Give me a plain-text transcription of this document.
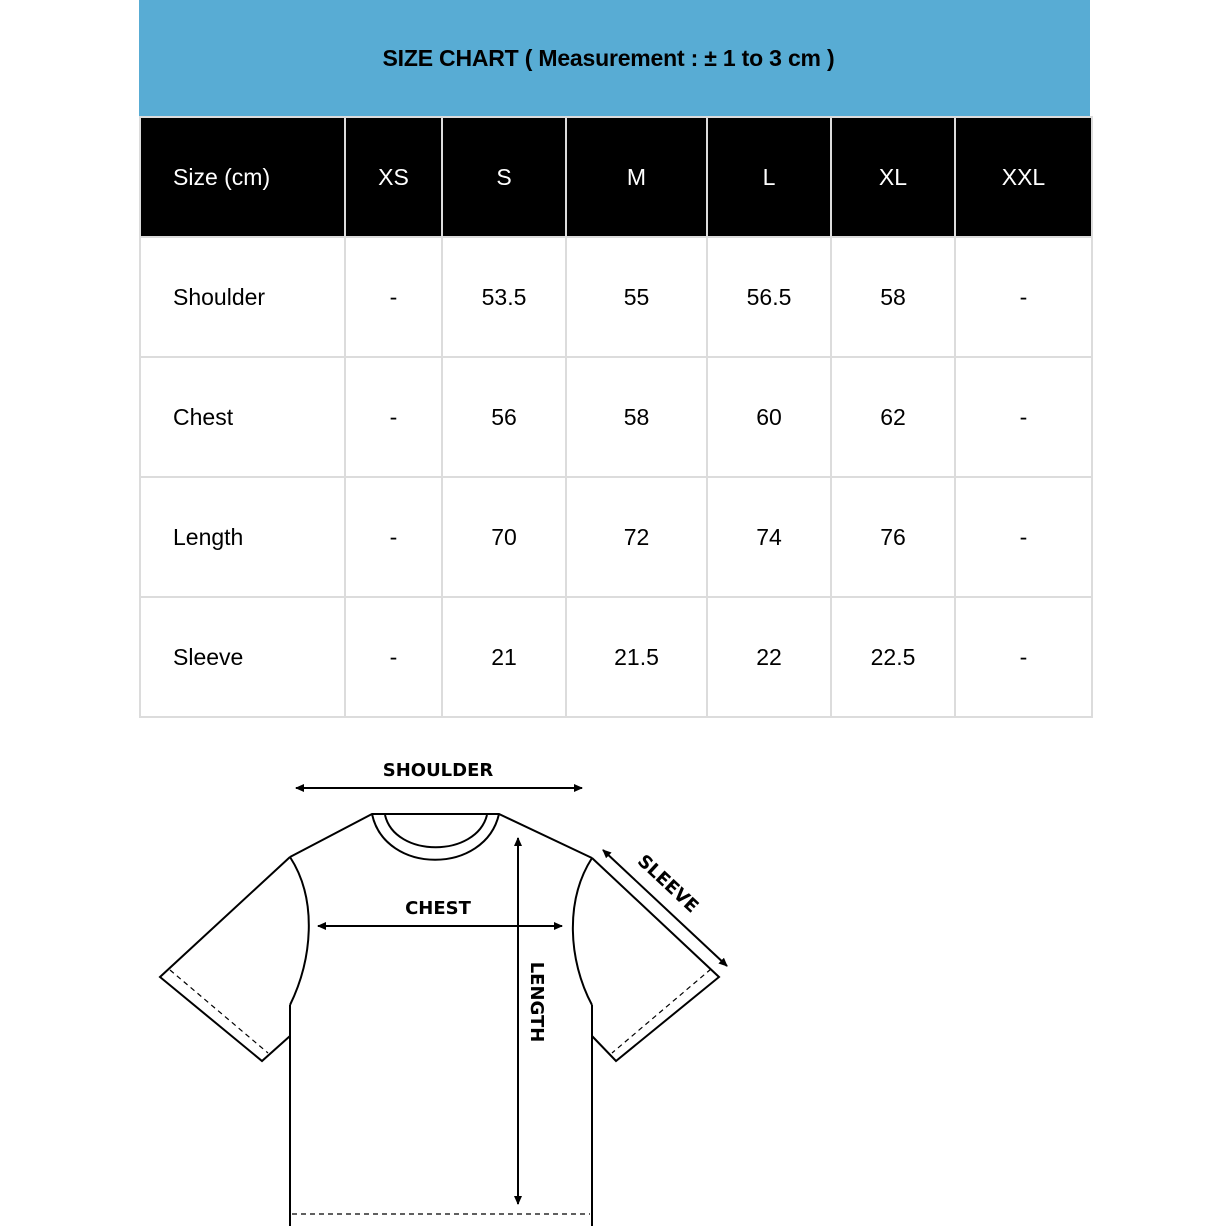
SIZE CHART ( Measurement : ± 1 to 3 cm )
Size (cm)	XS	S	M	L	XL	XXL
Shoulder	-	53.5	55	56.5	58	-
Chest	-	56	58	60	62	-
Length	-	70	72	74	76	-
Sleeve	-	21	21.5	22	22.5	-
SHOULDER
CHEST
LENGTH
SLEEVE
